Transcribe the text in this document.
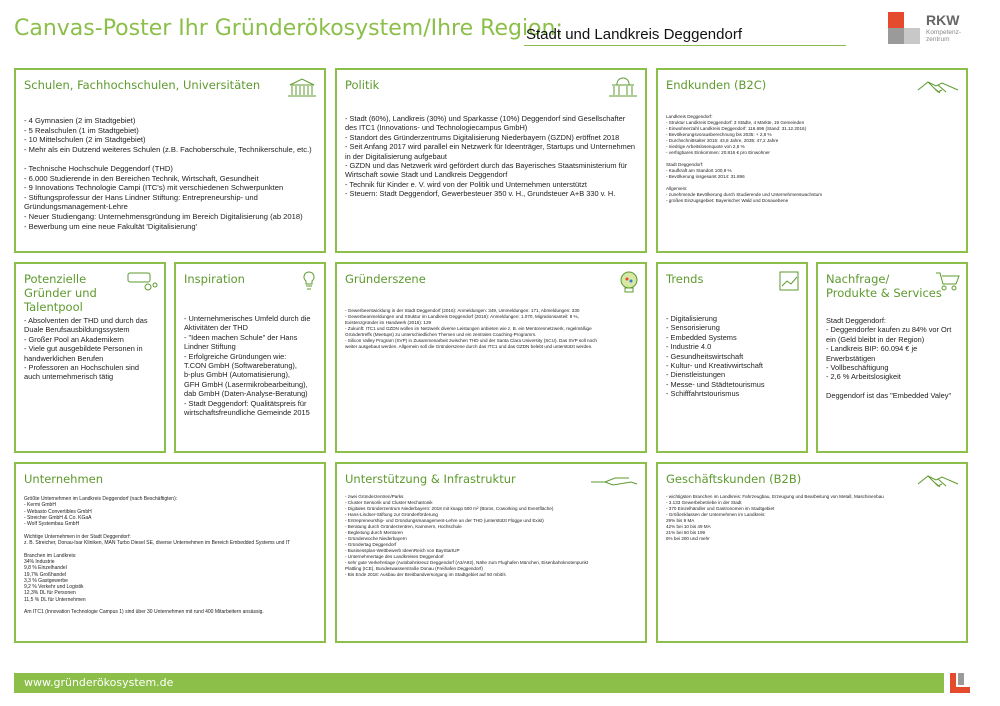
Canvas-Poster Ihr Gründerökosystem/Ihre Region:
Stadt und Landkreis Deggendorf
RKW
Kompetenz-
zentrum
Schulen, Fachhochschulen, Universitäten
- 4 Gymnasien (2 im Stadtgebiet)
- 5 Realschulen (1 im Stadtgebiet)
- 10 Mittelschulen (2 im Stadtgebiet)
- Mehr als ein Dutzend weiteres Schulen (z.B. Fachoberschule, Technikerschule, etc.)

- Technische Hochschule Deggendorf (THD)
- 6.000 Studierende in den Bereichen Technik, Wirtschaft, Gesundheit
- 9 Innovations Technologie Campi (ITC's) mit verschiedenen Schwerpunkten
- Stiftungsprofessur der Hans Lindner Stiftung: Entrepreneurship- und Gründungsmanagement-Lehre
- Neuer Studiengang: Unternehmensgründung im Bereich Digitalisierung (ab 2018)
- Bewerbung um eine neue Fakultät 'Digitalisierung'
Politik
- Stadt (60%), Landkreis (30%) und Sparkasse (10%) Deggendorf sind Gesellschafter des ITC1 (Innovations- und Technologiecampus GmbH)
- Standort des Gründerzentrums Digitalisierung Niederbayern (GZDN) eröffnet 2018
- Seit Anfang 2017 wird parallel ein Netzwerk für Ideenträger, Startups und Unternehmen in der Digitalisierung aufgebaut
- GZDN und das Netzwerk wird gefördert durch das Bayerisches Staatsministerium für Wirtschaft sowie Stadt und Landkreis Deggendorf
- Technik für Kinder e. V. wird von der Politik und Unternehmen unterstützt
- Steuern: Stadt Deggendorf, Gewerbesteuer 350 v. H., Grundsteuer A+B 330 v. H.
Endkunden (B2C)
Landkreis Deggendorf:
- Struktur Landkreis Deggendorf: 3 Städte, 4 Märkte, 19 Gemeinden
- Einwohnerzahl Landkreis Deggendorf: 116.696 (Stand: 31.12.2016)
- Bevölkerungsvorausberechnung bis 2035: + 2,8 %
- Durchschnittsalter 2015: 43,8 Jahre, 2035: 47,2 Jahre
- niedrige Arbeitslosenquote von 2,6 %
- verfügbares Einkommen: 20.816 € pro Einwohner

Stadt Deggendorf:
- Kaufkraft am Standort 100,9 %
- Bevölkerung insgesamt 2014: 31.896

Allgemein:
- zunehmende Bevölkerung durch Studierende und Unternehmenswachstum
- großes Einzugsgebiet: Bayerischer Wald und Donauebene
Potenzielle Gründer und Talentpool
- Absolventen der THD und durch das Duale Berufsausbildungssystem
- Großer Pool an Akademikern
- Viele gut ausgebildete Personen in handwerklichen Berufen
- Professoren an Hochschulen sind auch unternehmerisch tätig
Inspiration
- Unternehmerisches Umfeld durch die Aktivitäten der THD
- "Ideen machen Schule" der Hans Lindner Stiftung
- Erfolgreiche Gründungen wie:
T.CON GmbH (Softwareberatung),
b-plus GmbH (Automatisierung),
GFH GmbH (Lasermikrobearbeitung),
dab GmbH (Daten-Analyse-Beratung)
- Stadt Deggendorf: Qualitätspreis für wirtschaftsfreundliche Gemeinde 2015
Gründerszene
- Gewerbeentwicklung in der Stadt Deggendorf (2016): Anmeldungen: 349, Ummeldungen: 171, Abmeldungen: 330
- Gewerbeanmeldungen und Struktur im Landkreis Deggendorf (2016): Anmeldungen: 1.070, Migrationsanteil: 8 %,
Existenzgründer im Handwerk (2015): 129
- Zukunft: ITC1 und GZDN wollen im Netzwerk diverse Leistungen anbieten wie z. B. ein Mentorennetzwerk, regelmäßige
Gründertreffs (Meetups) zu unterschiedlichen Themen und ein zentrales Coaching-Programm.
- Silicon Valley Program (SVP) in Zusammenarbeit zwischen THD und der Santa Clara University (SCU). Das SVP soll noch
weiter ausgebaut werden. Allgemein soll die Gründerszene durch das ITC1 und das GZDN belebt und unterstützt werden.
Trends
- Digitalisierung
- Sensorisierung
- Embedded Systems
- Industrie 4.0
- Gesundheitswirtschaft
- Kultur- und Kreativwirtschaft
- Dienstleistungen
- Messe- und Städtetourismus
- Schifffahrtstourismus
Nachfrage/
Produkte & Services
Stadt Deggendorf:
- Deggendorfer kaufen zu 84% vor Ort ein (Geld bleibt in der Region)
- Landkreis BIP: 60.094 € je Erwerbstätigen
- Vollbeschäftigung
- 2,6 % Arbeitslosigkeit

Deggendorf ist das "Embedded Valey"
Unternehmen
Größte Unternehmen im Landkreis Deggendorf (nach Beschäftigten):
- Kermi GmbH
- Webasto Convertibles GmbH
- Streicher GmbH & Co. KGaA
- Wolf Systembau GmbH

Wichtige Unternehmen in der Stadt Deggendorf:
z. B. Streicher, Donau-Isar Kliniken, MAN Turbo Diesel SE, diverse Unternehmen im Bereich Embedded Systems und IT

Branchen im Landkreis:
34% Industrie
9,8 % Einzelhandel
19,7% Großhandel
3,3 % Gastgewerbe
9,2 % Verkehr und Logistik
12,3% DL für Personen
11,5 % DL für Unternehmen

Am ITC1 (Innovation Technologie Campus 1) sind über 30 Unternehmen mit rund 400 Mitarbeitern ansässig.
Unterstützung & Infrastruktur
- zwei Gründerzentren/Parks
- Cluster Sensorik und Cluster Mechatronik
- Digitales Gründerzentrum Niederbayern: 2018 mit knapp 500 m² (Büros, Coworking und Eventfläche)
- Hans-Lindner-Stiftung zur Gründerförderung
- Entrepreneurship- und Gründungsmanagement-Lehre an der THD (unterstützt Flügge und Exist)
- Beratung durch Gründerzentren, Kammern, Hochschule
- Begleitung durch Mentoren
- Gründerwoche Niederbayern
- Gründertag Deggendorf
- Businessplan-Wettbewerb IdeenReich von BayStartUP
- Unternehmertage des Landkreises Deggendorf
- sehr gute Verkehrslage (Autobahnkreuz Deggendorf (A3/A92), Nähe zum Flughafen München, Eisenbahnknotenpunkt
Plattling (ICE), Bundeswasserstraße Donau (Freihafen Deggendorf)
- Bis Ende 2018: Ausbau der Breitbandversorgung im Stadtgebiet auf 50 mbit/s
Geschäftskunden (B2B)
- wichtigsten Branchen im Landkreis: Fahrzeugbau, Erzeugung und Bearbeitung von Metall, Maschinenbau
- 3.133 Gewerbebetriebe in der Stadt
- 370 Einzelhändler und Gastronomen im Stadtgebiet
- Größenklassen der Unternehmen im Landkreis:
29% bis 9 MA
42% bei 10 bis 49 MA
21% bei 50 bis 199
6% bei 200 und mehr
www.gründerökosystem.de
